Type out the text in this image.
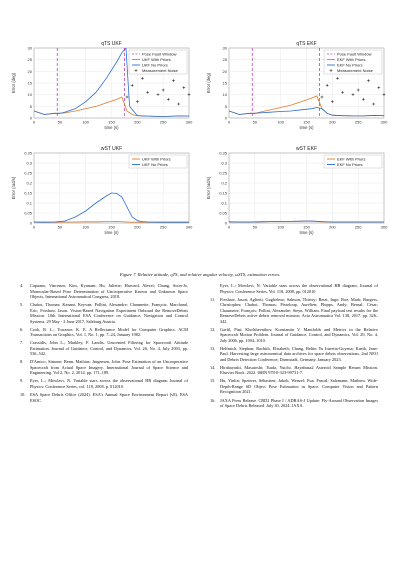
qTS UKF
0
5
10
15
20
25
30
0	50	100	150	200	250	300
time (s)
Error (deg)
Pose Fault Window
UKF With Priors
UKF No Priors
Measurement Noise
qTS EKF
0
5
10
15
20
25
30
0	50	100	150	200	250	300
time (s)
Error (deg)
Pose Fault Window
EKF With Priors
EKF No Priors
Measurement Noise
wST UKF
0
0.05
0.1
0.15
0.2
0.25
0.3
0.35
0	50	100	150	200	250	300
time (s)
Error (rad/s)
UKF With Priors
UKF No Priors
wST EKF
0
0.05
0.1
0.15
0.2
0.25
0.3
0.35
0	50	100	150	200	250	300
time (s)
Error (rad/s)
EKF With Priors
EKF No Priors
Figure 7. Relative attitude, qTS, and relative angular velocity, ωSTS, estimation errors.
4. Capuano, Vincenzo; Kim, Kyunam; Hu, Juliette; Harvard, Alexei; Chung, Soon-Jo, Monocular-Based Pose Determination of Uncooperative Known and Unknown Space Objects, International Astronautical Congress, 2018.
5. Chabot, Thomas; Kanani, Keyvan; Pollini, Alexandre; Chaumette, François; Marchand, Eric; Forshaw, Jason. Vision-Based Navigation Experiment Onboard the RemoveDebris Mission. 10th International ESA Conference on Guidance, Navigation and Control Systems, 29 May - 2 June 2017, Salzburg Austria.
6. Cook, R. L.; Torrance, K. E. A Reflectance Model for Computer Graphics. ACM Transactions on Graphics, Vol. 1, No. 1, pp. 7–24, January 1982.
7. Crassidis, John L.; Markley, F. Landis. Unscented Filtering for Spacecraft Attitude Estimation. Journal of Guidance, Control, and Dynamics, Vol. 26, No. 4, July 2003, pp. 536–542.
8. D'Amico, Simone; Benn, Mathias; Jørgensen, John. Pose Estimation of an Uncooperative Spacecraft from Actual Space Imagery. International Journal of Space Science and Engineering. Vol 2, No. 2. 2014. pp. 171–189.
9. Eyer, L.; Mowlavi, N. Variable stars across the observational HR diagram Journal of Physics: Conference Series, vol. 118, 2008, p. 012010.
10. ESA Space Debris Office (2024). ESA's Annual Space Environment Report (v8). ESA ESOC.
Eyer, L.; Mowlavi, N. Variable stars across the observational HR diagram, Journal of Physics: Conference Series, Vol. 118, 2008, pp. 012010
11. Forshaw, Jason; Aglietti, Guglielmo; Salmon, Thierry; Retat, Ingo; Roe, Mark; Burgess, Christopher; Chabot, Thomas; Pisseloup, Aurélien; Phipps, Andy; Bernal, César; Chaumette, François; Pollini, Alexandre; Steyn, William. Final payload test results for the RemoveDebris active debris removal mission. Acta Astronautica Vol. 138, 2017. pp. 326–342.
12. Garfil, Pini; Kholshevnikov, Konstantin V. Manifolds and Metrics in the Relative Spacecraft Motion Problem. Journal of Guidance, Control, and Dynamics, Vol. 29, No. 4, July 2006, pp. 1004–1010.
13. Helfmich, Stephan; Rachith, Elisabeth; Chang, Beltin Yu Iruretta-Goyena; Kaeib, Jean-Paul. Harvesting large astronomical data archives for space debris observations. 2nd NEO and Debris Detection Conference; Darmstadt, Germany. January 2023.
14. Hirabayashi, Masatoshi; Tsuda, Yuichi. Hayabusa2 Asteroid Sample Return Mission. Elsevier Book. 2022. ISBN 978-0-323-99731-7.
15. Hu, Yinlin; Speierer, Sébastien; Jakob, Wenzel; Fua, Pascal; Salzmann, Mathieu. Wide-Depth-Range 6D Object Pose Estimation in Space. Computer Vision and Pattern Recognition 2021.
16. JAXA Press Release. CRD2 Phase I / ADRAS-J Update: Fly-Around Observation Images of Space Debris Released. July 30, 2024. JAXA.
